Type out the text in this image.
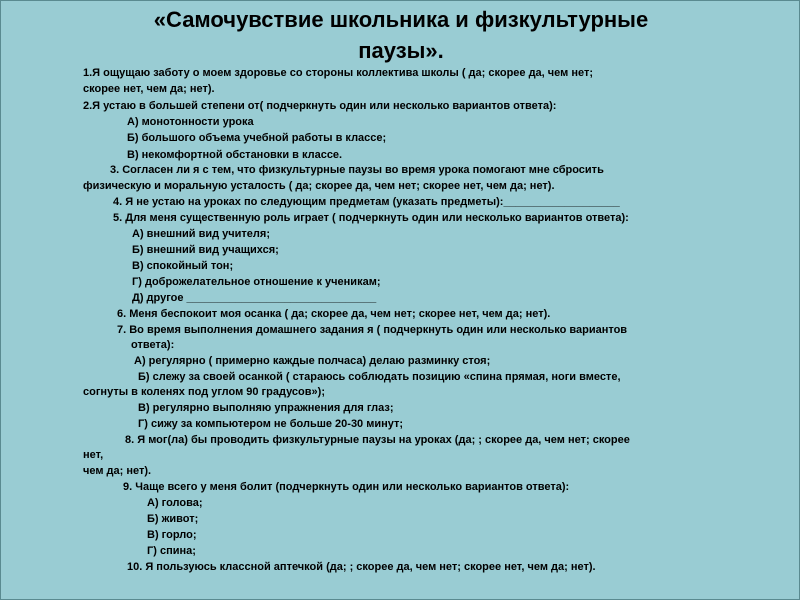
«Самочувствие школьника и физкультурные
паузы».
1.Я ощущаю заботу о моем здоровье со стороны коллектива школы ( да; скорее да, чем нет;
скорее нет, чем да; нет).
2.Я устаю в большей степени от( подчеркнуть один или несколько вариантов ответа):
А) монотонности урока
Б) большого объема учебной работы в классе;
В) некомфортной обстановки в классе.
3. Согласен ли я с тем, что физкультурные паузы во время урока помогают мне сбросить
физическую и моральную усталость ( да; скорее да, чем нет; скорее нет, чем да; нет).
4. Я не устаю на уроках по следующим предметам (указать предметы):___________________
5. Для меня существенную роль играет ( подчеркнуть один или несколько вариантов ответа):
А) внешний вид учителя;
Б) внешний вид учащихся;
В) спокойный тон;
Г) доброжелательное отношение к ученикам;
Д) другое _______________________________
6. Меня беспокоит моя осанка ( да; скорее да, чем нет; скорее нет, чем да; нет).
7. Во время выполнения домашнего задания я ( подчеркнуть один или несколько вариантов
ответа):
А) регулярно ( примерно каждые полчаса) делаю разминку стоя;
Б) слежу за своей осанкой ( стараюсь соблюдать позицию «спина прямая, ноги вместе,
согнуты в коленях под углом 90 градусов»);
В) регулярно выполняю упражнения для глаз;
Г) сижу за компьютером не больше 20-30 минут;
8. Я мог(ла) бы проводить физкультурные паузы на уроках (да; ; скорее да, чем нет; скорее
нет,
чем да; нет).
9. Чаще всего у меня болит (подчеркнуть один или несколько вариантов ответа):
А) голова;
Б) живот;
В) горло;
Г) спина;
10. Я пользуюсь классной аптечкой (да; ; скорее да, чем нет; скорее нет, чем да; нет).
